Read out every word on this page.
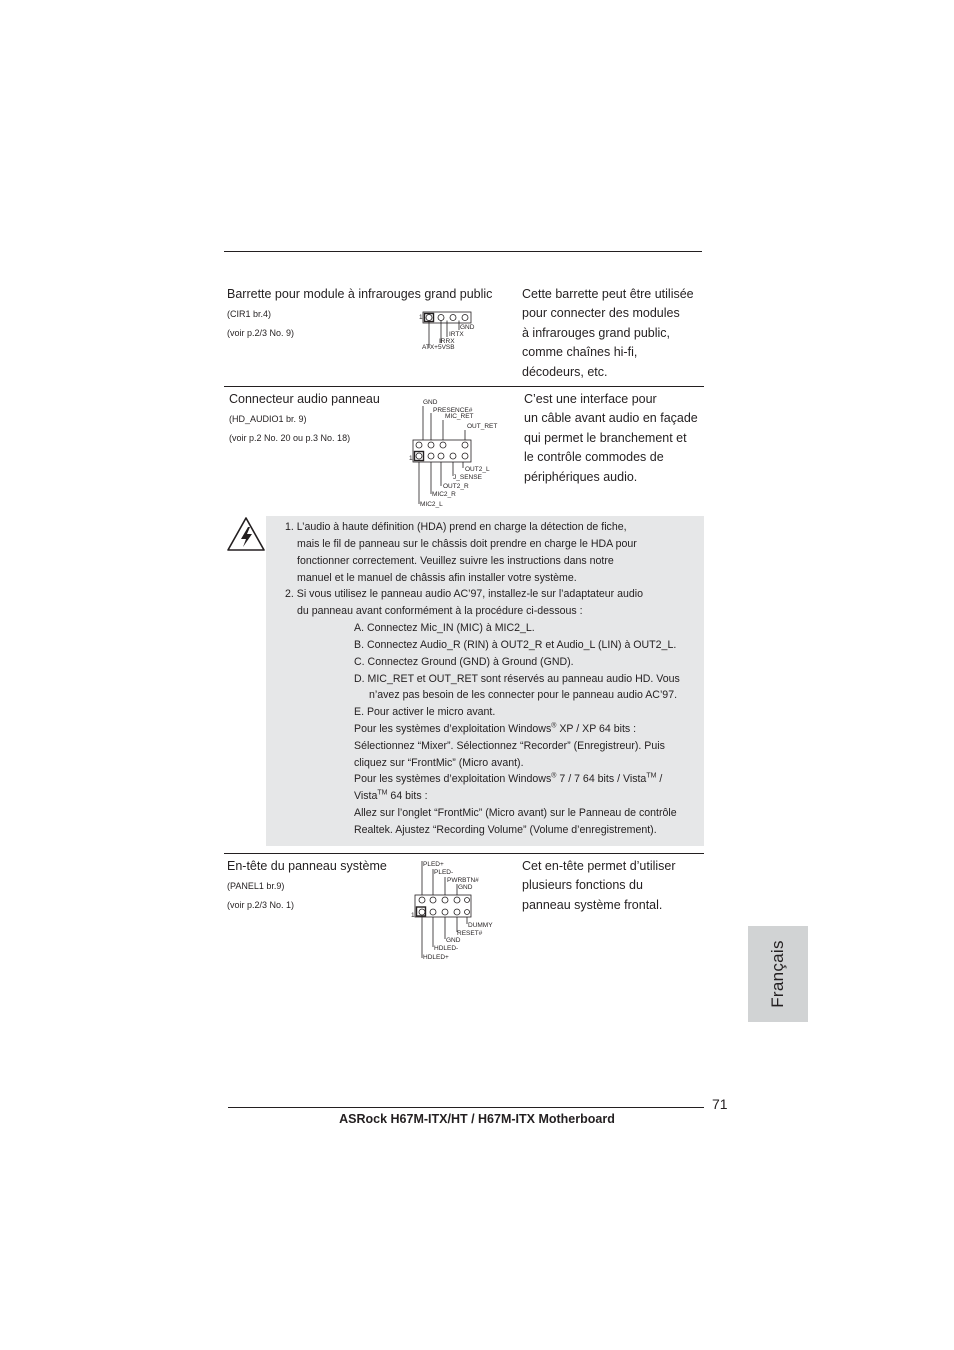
Barrette pour module à infrarouges grand public
(CIR1 br.4)
(voir p.2/3 No. 9)
Cette barrette peut être utilisée
pour connecter des modules
à infrarouges grand public,
comme chaînes hi-fi,
décodeurs, etc.
1
GND
IRTX
IRRX
ATX+5VSB
Connecteur audio panneau
(HD_AUDIO1 br. 9)
(voir p.2 No. 20 ou p.3 No. 18)
C’est une interface pour
un câble avant audio en façade
qui permet le branchement et
le contrôle commodes de
périphériques audio.
GND
PRESENCE#
MIC_RET
OUT_RET
1
OUT2_L
J_SENSE
OUT2_R
MIC2_R
MIC2_L
1. L’audio à haute définition (HDA) prend en charge la détection de fiche,
mais le fil de panneau sur le châssis doit prendre en charge le HDA pour
fonctionner correctement. Veuillez suivre les instructions dans notre
manuel et le manuel de châssis afin installer votre système.
2. Si vous utilisez le panneau audio AC’97, installez-le sur l’adaptateur audio
du panneau avant conformément à la procédure ci-dessous :
A. Connectez Mic_IN (MIC) à MIC2_L.
B. Connectez Audio_R (RIN) à OUT2_R et Audio_L (LIN) à OUT2_L.
C. Connectez Ground (GND) à Ground (GND).
D. MIC_RET et OUT_RET sont réservés au panneau audio HD. Vous
n’avez pas besoin de les connecter pour le panneau audio AC’97.
E. Pour activer le micro avant.
Pour les systèmes d’exploitation Windows® XP / XP 64 bits :
Sélectionnez “Mixer”. Sélectionnez “Recorder” (Enregistreur). Puis
cliquez sur “FrontMic” (Micro avant).
Pour les systèmes d’exploitation Windows® 7 / 7 64 bits / Vista™ /
Vista™ 64 bits :
Allez sur l’onglet “FrontMic” (Micro avant) sur le Panneau de contrôle
Realtek. Ajustez “Recording Volume” (Volume d’enregistrement).
En-tête du panneau système
(PANEL1 br.9)
(voir p.2/3 No. 1)
Cet en-tête permet d’utiliser
plusieurs fonctions du
panneau système frontal.
PLED+
PLED-
PWRBTN#
GND
1
DUMMY
RESET#
GND
HDLED-
HDLED+	Français
71
ASRock H67M-ITX/HT / H67M-ITX Motherboard
